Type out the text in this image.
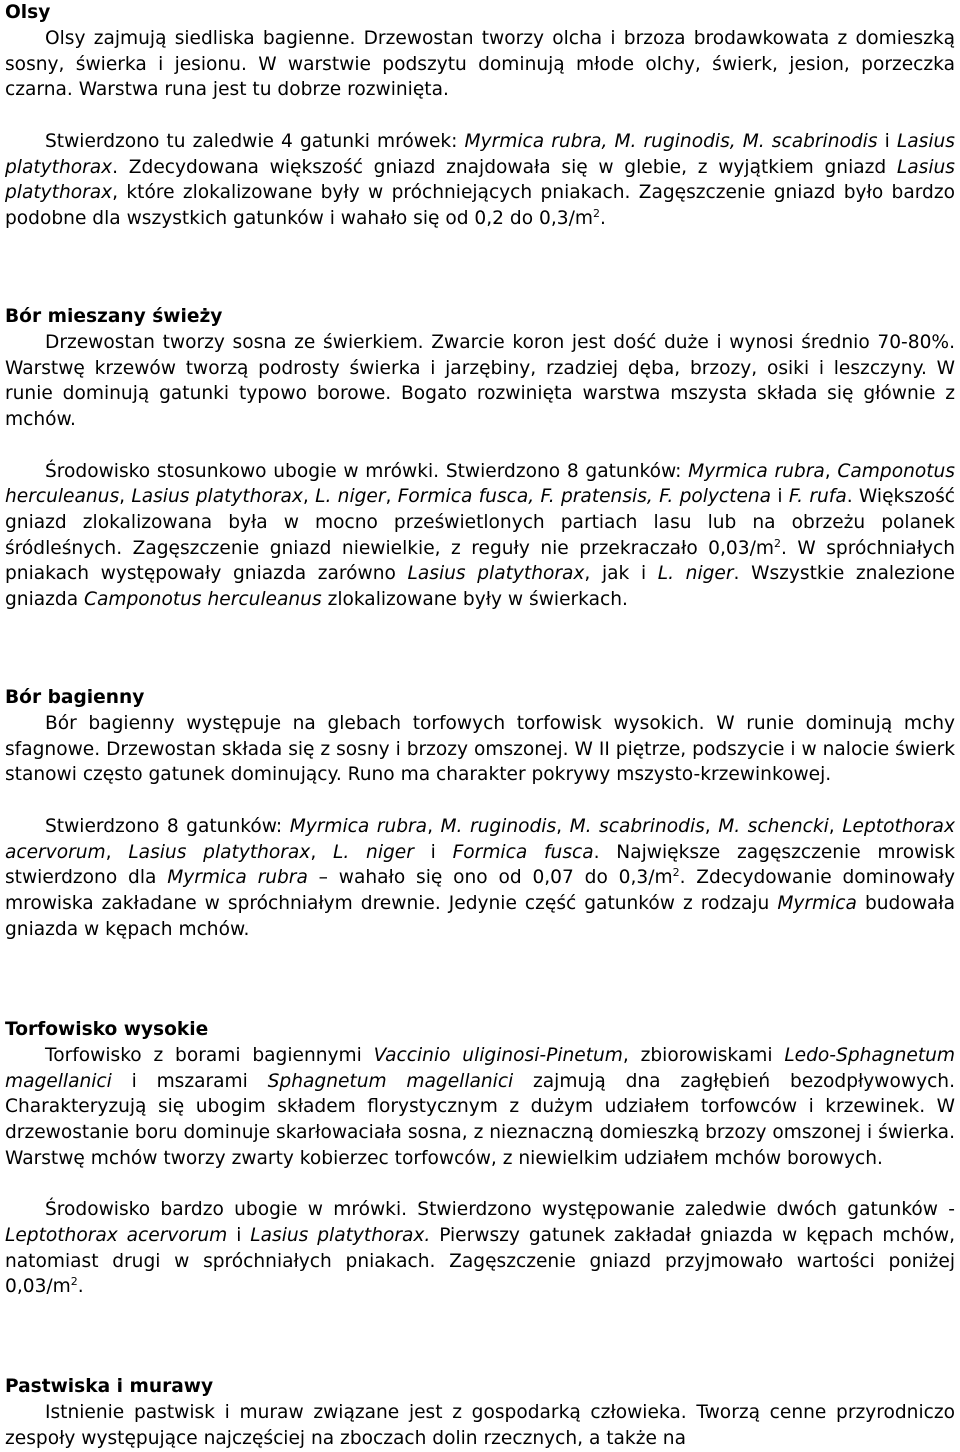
Olsy

Olsy zajmują siedliska bagienne. Drzewostan tworzy olcha i brzoza brodawkowata z domieszką sosny, świerka i jesionu. W warstwie podszytu dominują młode olchy, świerk, jesion, porzeczka czarna. Warstwa runa jest tu dobrze rozwinięta.

Stwierdzono tu zaledwie 4 gatunki mrówek: Myrmica rubra, M. ruginodis, M. scabrinodis i Lasius platythorax. Zdecydowana większość gniazd znajdowała się w glebie, z wyjątkiem gniazd Lasius platythorax, które zlokalizowane były w próchniejących pniakach. Zagęszczenie gniazd było bardzo podobne dla wszystkich gatunków i wahało się od 0,2 do $0,3/m^2$.

Bór mieszany świeży

Drzewostan tworzy sosna ze świerkiem. Zwarcie koron jest dość duże i wynosi średnio 70-80%. Warstwę krzewów tworzą podrosty świerka i jarzębiny, rzadziej dęba, brzozy, osiki i leszczyny. W runie dominują gatunki typowo borowe. Bogato rozwinięta warstwa mszysta składa się głównie z mchów.

Środowisko stosunkowo ubogie w mrówki. Stwierdzono 8 gatunków: Myrmica rubra, Camponotus herculeanus, Lasius platythorax, L. niger, Formica fusca, F. pratensis, F. polyctena i F. rufa. Większość gniazd zlokalizowana była w mocno prześwietlonych partiach lasu lub na obrzeżu polanek śródleśnych. Zagęszczenie gniazd niewielkie, z reguły nie przekraczało $0,03/m^2$. W spróchniałych pniakach występowały gniazda zarówno Lasius platythorax, jak i L. niger. Wszystkie znalezione gniazda Camponotus herculeanus zlokalizowane były w świerkach.

Bór bagienny

Bór bagienny występuje na glebach torfowych torfowisk wysokich. W runie dominują mchy sfagnowe. Drzewostan składa się z sosny i brzozy omszonej. W II piętrze, podszycie i w nalocie świerk stanowi często gatunek dominujący. Runo ma charakter pokrywy mszysto-krzewinkowej.

Stwierdzono 8 gatunków: Myrmica rubra, M. ruginodis, M. scabrinodis, M. schencki, Leptothorax acervorum, Lasius platythorax, L. niger i Formica fusca. Największe zagęszczenie mrowisk stwierdzono dla Myrmica rubra – wahało się ono od 0,07 do $0,3/m^2$. Zdecydowanie dominowały mrowiska zakładane w spróchniałym drewnie. Jedynie część gatunków z rodzaju Myrmica budowała gniazda w kępach mchów.

Torfowisko wysokie

Torfowisko z borami bagiennymi Vaccinio uliginosi-Pinetum, zbiorowiskami Ledo-Sphagnetum magellanici i mszarami Sphagnetum magellanici zajmują dna zagłębień bezodpływowych. Charakteryzują się ubogim składem florystycznym z dużym udziałem torfowców i krzewinek. W drzewostanie boru dominuje skarłowaciała sosna, z nieznaczną domieszką brzozy omszonej i świerka. Warstwę mchów tworzy zwarty kobierzec torfowców, z niewielkim udziałem mchów borowych.

Środowisko bardzo ubogie w mrówki. Stwierdzono występowanie zaledwie dwóch gatunków - Leptothorax acervorum i Lasius platythorax. Pierwszy gatunek zakładał gniazda w kępach mchów, natomiast drugi w spróchniałych pniakach. Zagęszczenie gniazd przyjmowało wartości poniżej $0,03/m^2$.

Pastwiska i murawy

Istnienie pastwisk i muraw związane jest z gospodarką człowieka. Tworzą cenne przyrodniczo zespoły występujące najczęściej na zboczach dolin rzecznych, a także na
